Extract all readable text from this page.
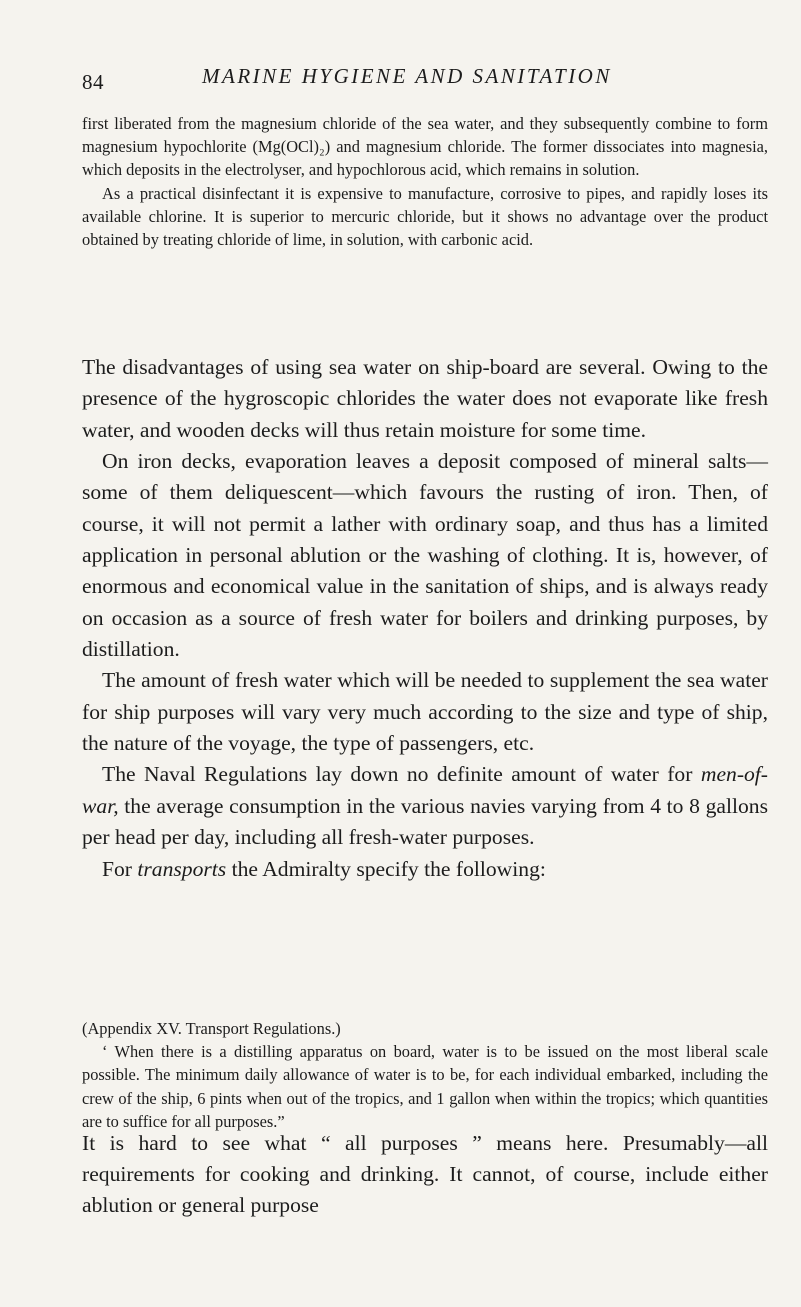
84	MARINE HYGIENE AND SANITATION

first liberated from the magnesium chloride of the sea water, and they subsequently combine to form magnesium hypochlorite (Mg(OCl)₂) and magnesium chloride. The former dissociates into magnesia, which deposits in the electrolyser, and hypochlorous acid, which remains in solution.

As a practical disinfectant it is expensive to manufacture, corrosive to pipes, and rapidly loses its available chlorine. It is superior to mercuric chloride, but it shows no advantage over the product obtained by treating chloride of lime, in solution, with carbonic acid.

The disadvantages of using sea water on ship-board are several. Owing to the presence of the hygroscopic chlorides the water does not evaporate like fresh water, and wooden decks will thus retain moisture for some time.

On iron decks, evaporation leaves a deposit composed of mineral salts—some of them deliquescent—which favours the rusting of iron. Then, of course, it will not permit a lather with ordinary soap, and thus has a limited application in personal ablution or the washing of clothing. It is, however, of enormous and economical value in the sanitation of ships, and is always ready on occasion as a source of fresh water for boilers and drinking purposes, by distillation.

The amount of fresh water which will be needed to supplement the sea water for ship purposes will vary very much according to the size and type of ship, the nature of the voyage, the type of passengers, etc.

The Naval Regulations lay down no definite amount of water for men-of-war, the average consumption in the various navies varying from 4 to 8 gallons per head per day, including all fresh-water purposes.

For transports the Admiralty specify the following:

(Appendix XV. Transport Regulations.)

‘ When there is a distilling apparatus on board, water is to be issued on the most liberal scale possible. The minimum daily allowance of water is to be, for each individual embarked, including the crew of the ship, 6 pints when out of the tropics, and 1 gallon when within the tropics; which quantities are to suffice for all purposes.”

It is hard to see what “ all purposes ” means here. Presumably—all requirements for cooking and drinking. It cannot, of course, include either ablution or general purpose
